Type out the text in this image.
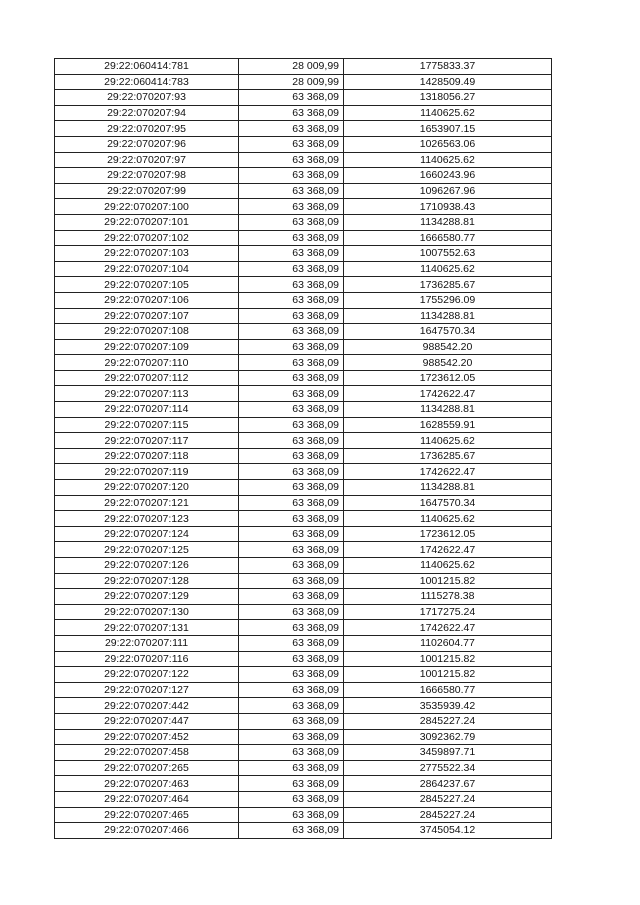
29:22:060414:781	28 009,99	1775833.37
29:22:060414:783	28 009,99	1428509.49
29:22:070207:93	63 368,09	1318056.27
29:22:070207:94	63 368,09	1140625.62
29:22:070207:95	63 368,09	1653907.15
29:22:070207:96	63 368,09	1026563.06
29:22:070207:97	63 368,09	1140625.62
29:22:070207:98	63 368,09	1660243.96
29:22:070207:99	63 368,09	1096267.96
29:22:070207:100	63 368,09	1710938.43
29:22:070207:101	63 368,09	1134288.81
29:22:070207:102	63 368,09	1666580.77
29:22:070207:103	63 368,09	1007552.63
29:22:070207:104	63 368,09	1140625.62
29:22:070207:105	63 368,09	1736285.67
29:22:070207:106	63 368,09	1755296.09
29:22:070207:107	63 368,09	1134288.81
29:22:070207:108	63 368,09	1647570.34
29:22:070207:109	63 368,09	988542.20
29:22:070207:110	63 368,09	988542.20
29:22:070207:112	63 368,09	1723612.05
29:22:070207:113	63 368,09	1742622.47
29:22:070207:114	63 368,09	1134288.81
29:22:070207:115	63 368,09	1628559.91
29:22:070207:117	63 368,09	1140625.62
29:22:070207:118	63 368,09	1736285.67
29:22:070207:119	63 368,09	1742622.47
29:22:070207:120	63 368,09	1134288.81
29:22:070207:121	63 368,09	1647570.34
29:22:070207:123	63 368,09	1140625.62
29:22:070207:124	63 368,09	1723612.05
29:22:070207:125	63 368,09	1742622.47
29:22:070207:126	63 368,09	1140625.62
29:22:070207:128	63 368,09	1001215.82
29:22:070207:129	63 368,09	1115278.38
29:22:070207:130	63 368,09	1717275.24
29:22:070207:131	63 368,09	1742622.47
29:22:070207:111	63 368,09	1102604.77
29:22:070207:116	63 368,09	1001215.82
29:22:070207:122	63 368,09	1001215.82
29:22:070207:127	63 368,09	1666580.77
29:22:070207:442	63 368,09	3535939.42
29:22:070207:447	63 368,09	2845227.24
29:22:070207:452	63 368,09	3092362.79
29:22:070207:458	63 368,09	3459897.71
29:22:070207:265	63 368,09	2775522.34
29:22:070207:463	63 368,09	2864237.67
29:22:070207:464	63 368,09	2845227.24
29:22:070207:465	63 368,09	2845227.24
29:22:070207:466	63 368,09	3745054.12
